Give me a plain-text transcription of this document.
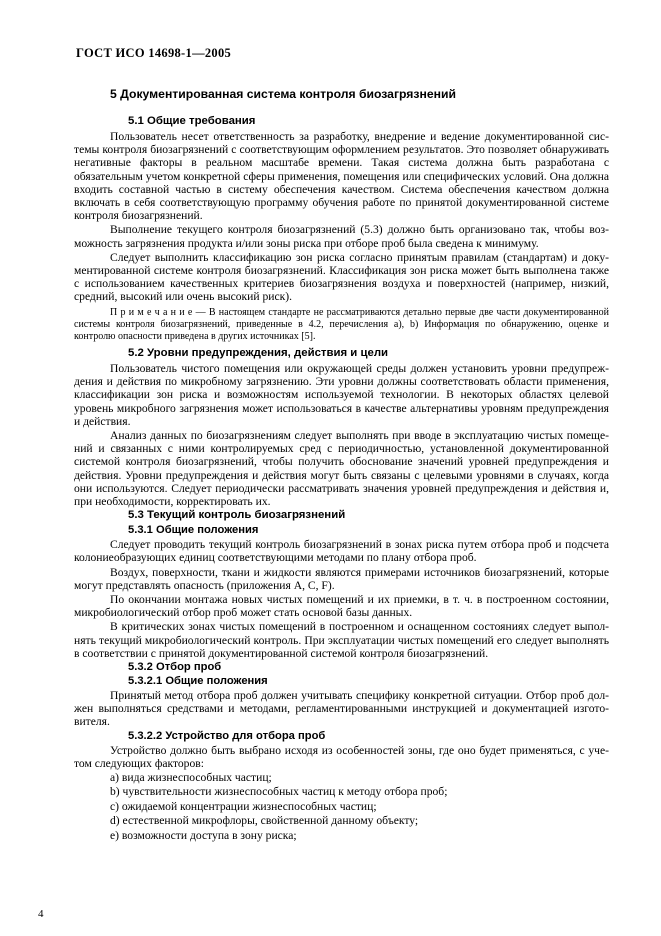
ГОСТ ИСО 14698-1—2005
5 Документированная система контроля биозагрязнений
5.1 Общие требования

Пользователь несет ответственность за разработку, внедрение и ведение документированной системы контроля биозагрязнений с соответствующим оформлением результатов. Это позволяет обнаруживать негативные факторы в реальном масштабе времени. Такая система должна быть разработана с обязательным учетом конкретной сферы применения, помещения или специфических условий. Она должна входить составной частью в систему обеспечения качеством. Система обеспечения качеством должна включать в себя соответствующую программу обучения работе по принятой документированной системе контроля биозагрязнений.

Выполнение текущего контроля биозагрязнений (5.3) должно быть организовано так, чтобы возможность загрязнения продукта и/или зоны риска при отборе проб была сведена к минимуму.

Следует выполнить классификацию зон риска согласно принятым правилам (стандартам) и документированной системе контроля биозагрязнений. Классификация зон риска может быть выполнена также с использованием качественных критериев биозагрязнения воздуха и поверхностей (например, низкий, средний, высокий или очень высокий риск).

П р и м е ч а н и е — В настоящем стандарте не рассматриваются детально первые две части документированной системы контроля биозагрязнений, приведенные в 4.2, перечисления а), b) Информация по обнаружению, оценке и контролю опасности приведена в других источниках [5].

5.2 Уровни предупреждения, действия и цели

Пользователь чистого помещения или окружающей среды должен установить уровни предупреждения и действия по микробному загрязнению. Эти уровни должны соответствовать области применения, классификации зон риска и возможностям используемой технологии. В некоторых областях целевой уровень микробного загрязнения может использоваться в качестве альтернативы уровням предупреждения и действия.

Анализ данных по биозагрязнениям следует выполнять при вводе в эксплуатацию чистых помещений и связанных с ними контролируемых сред с периодичностью, установленной документированной системой контроля биозагрязнений, чтобы получить обоснование значений уровней предупреждения и действия. Уровни предупреждения и действия могут быть связаны с целевыми уровнями в случаях, когда они используются. Следует периодически рассматривать значения уровней предупреждения и действия и, при необходимости, корректировать их.

5.3 Текущий контроль биозагрязнений
5.3.1 Общие положения

Следует проводить текущий контроль биозагрязнений в зонах риска путем отбора проб и подсчета колониеобразующих единиц соответствующими методами по плану отбора проб.

Воздух, поверхности, ткани и жидкости являются примерами источников биозагрязнений, которые могут представлять опасность (приложения А, С, F).

По окончании монтажа новых чистых помещений и их приемки, в т. ч. в построенном состоянии, микробиологический отбор проб может стать основой базы данных.

В критических зонах чистых помещений в построенном и оснащенном состояниях следует выполнять текущий микробиологический контроль. При эксплуатации чистых помещений его следует выполнять в соответствии с принятой документированной системой контроля биозагрязнений.

5.3.2 Отбор проб
5.3.2.1 Общие положения

Принятый метод отбора проб должен учитывать специфику конкретной ситуации. Отбор проб должен выполняться средствами и методами, регламентированными инструкцией и документацией изготовителя.

5.3.2.2 Устройство для отбора проб

Устройство должно быть выбрано исходя из особенностей зоны, где оно будет применяться, с учетом следующих факторов:

а) вида жизнеспособных частиц;
b) чувствительности жизнеспособных частиц к методу отбора проб;
c) ожидаемой концентрации жизнеспособных частиц;
d) естественной микрофлоры, свойственной данному объекту;
e) возможности доступа в зону риска;
4
